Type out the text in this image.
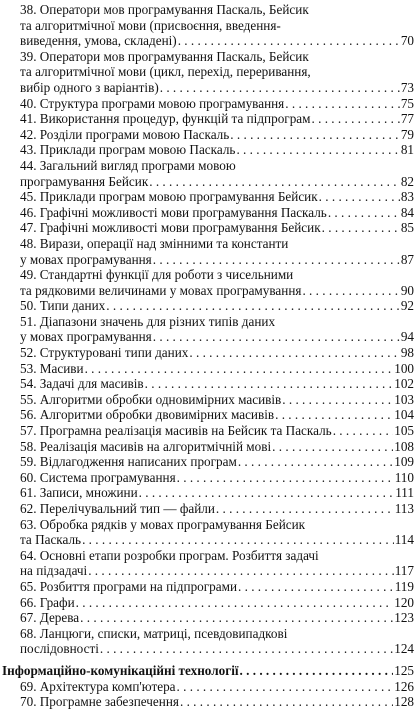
38. Оператори мов програмування Паскаль, Бейсик
та алгоритмічної мови (присвоєння, введення-
виведення, умова, складені) . . .	70
39. Оператори мов програмування Паскаль, Бейсик
та алгоритмічної мови (цикл, перехід, переривання,
вибір одного з варіантів) . . .	73
40. Структура програми мовою програмування . . .	75
41. Використання процедур, функцій та підпрограм . . .	77
42. Розділи програми мовою Паскаль . . .	79
43. Приклади програм мовою Паскаль . . .	81
44. Загальний вигляд програми мовою
програмування Бейсик . . .	82
45. Приклади програм мовою програмування Бейсик . . .	83
46. Графічні можливості мови програмування Паскаль . . .	84
47. Графічні можливості мови програмування Бейсик . . .	85
48. Вирази, операції над змінними та константи
у мовах програмування . . .	87
49. Стандартні функції для роботи з чисельними
та рядковими величинами у мовах програмування . . .	90
50. Типи даних . . .	92
51. Діапазони значень для різних типів даних
у мовах програмування . . .	94
52. Структуровані типи даних . . .	98
53. Масиви . . .	100
54. Задачі для масивів . . .	102
55. Алгоритми обробки одновимірних масивів . . .	103
56. Алгоритми обробки двовимірних масивів . . .	104
57. Програмна реалізація масивів на Бейсик та Паскаль . . .	105
58. Реалізація масивів на алгоритмічній мові . . .	108
59. Відлагодження написаних програм . . .	109
60. Система програмування . . .	110
61. Записи, множини . . .	111
62. Перелічувальний тип — файли . . .	113
63. Обробка рядків у мовах програмування Бейсик
та Паскаль . . .	114
64. Основні етапи розробки програм. Розбиття задачі
на підзадачі . . .	117
65. Розбиття програми на підпрограми . . .	119
66. Графи . . .	120
67. Дерева . . .	123
68. Ланцюги, списки, матриці, псевдовипадкові
послідовності . . .	124
Інформаційно-комунікаційні технології . . .	125
69. Архітектура комп'ютера . . .	126
70. Програмне забезпечення . . .	128
